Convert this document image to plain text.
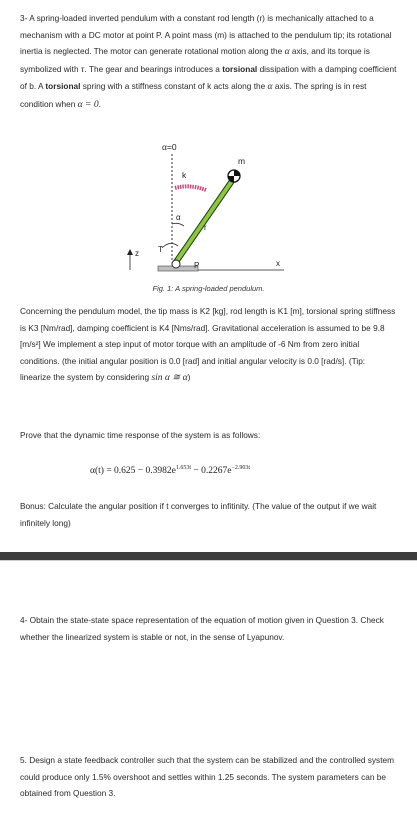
3- A spring-loaded inverted pendulum with a constant rod length (r) is mechanically attached to a mechanism with a DC motor at point P. A point mass (m) is attached to the pendulum tip; its rotational inertia is neglected. The motor can generate rotational motion along the α axis, and its torque is symbolized with τ. The gear and bearings introduces a torsional dissipation with a damping coefficient of b. A torsional spring with a stiffness constant of k acts along the α axis. The spring is in rest condition when α = 0.
α=0
k
m
α
r
T
z
P	x
Fig. 1: A spring-loaded pendulum.
Concerning the pendulum model, the tip mass is K2 [kg], rod length is K1 [m], torsional spring stiffness is K3 [Nm/rad], damping coefficient is K4 [Nms/rad]. Gravitational acceleration is assumed to be 9.8 [m/s²] We implement a step input of motor torque with an amplitude of -6 Nm from zero initial conditions. (the initial angular position is 0.0 [rad] and initial angular velocity is 0.0 [rad/s]. (Tip: linearize the system by considering sin α ≅ α)
Prove that the dynamic time response of the system is as follows:
$\alpha(t) = 0.625 - 0.3982e^{1.653t} - 0.2267e^{-2.903t}$
Bonus: Calculate the angular position if t converges to infitinity. (The value of the output if we wait infinitely long)
4- Obtain the state-state space representation of the equation of motion given in Question 3. Check whether the linearized system is stable or not, in the sense of Lyapunov.
5. Design a state feedback controller such that the system can be stabilized and the controlled system could produce only 1.5% overshoot and settles within 1.25 seconds. The system parameters can be obtained from Question 3.
